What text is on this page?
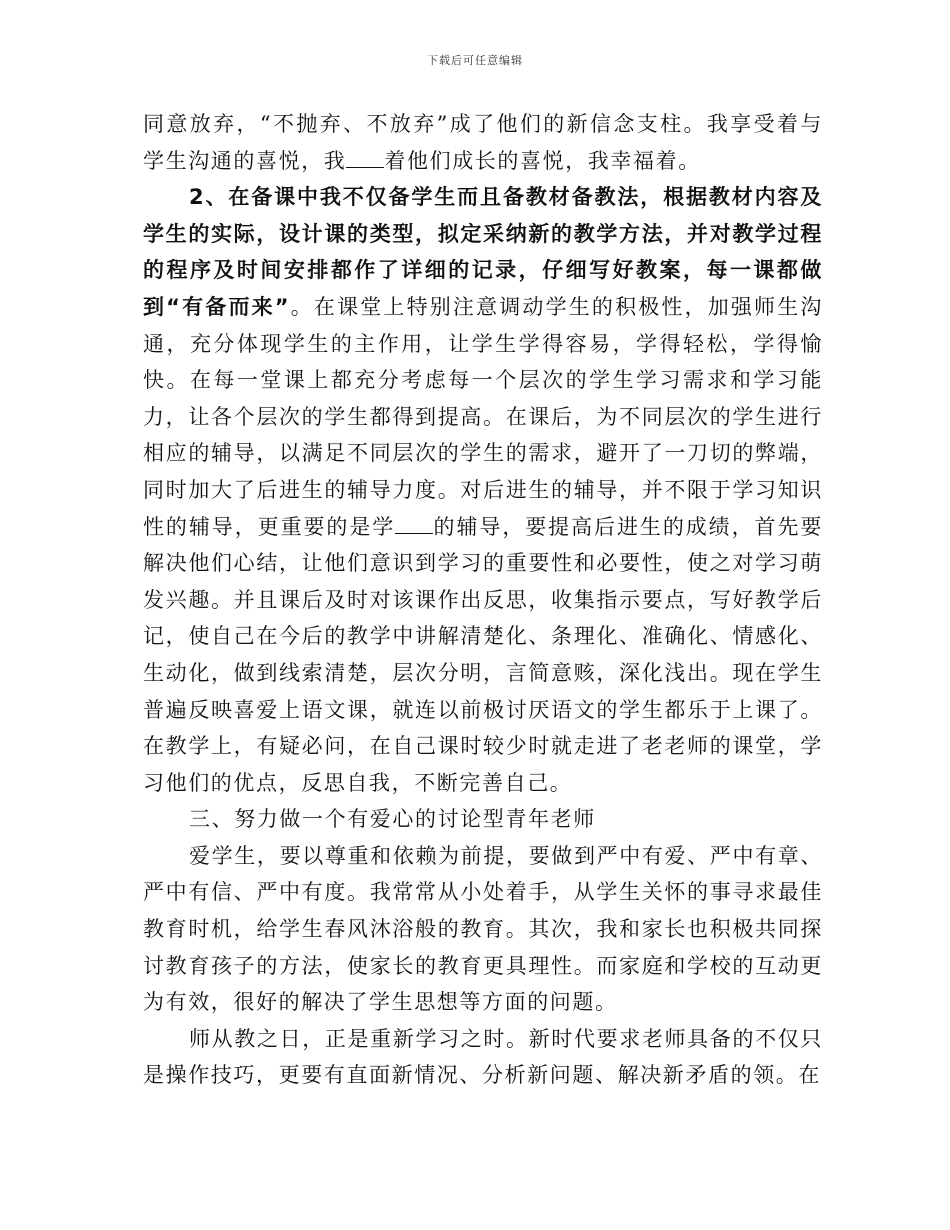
下载后可任意编辑

同意放弃，“不抛弃、不放弃”成了他们的新信念支柱。我享受着与学生沟通的喜悦，我 着他们成长的喜悦，我幸福着。

2、在备课中我不仅备学生而且备教材备教法，根据教材内容及学生的实际，设计课的类型，拟定采纳新的教学方法，并对教学过程的程序及时间安排都作了详细的记录，仔细写好教案，每一课都做到“有备而来”。在课堂上特别注意调动学生的积极性，加强师生沟通，充分体现学生的主作用，让学生学得容易，学得轻松，学得愉快。在每一堂课上都充分考虑每一个层次的学生学习需求和学习能力，让各个层次的学生都得到提高。在课后，为不同层次的学生进行相应的辅导，以满足不同层次的学生的需求，避开了一刀切的弊端，同时加大了后进生的辅导力度。对后进生的辅导，并不限于学习知识性的辅导，更重要的是学 的辅导，要提高后进生的成绩，首先要解决他们心结，让他们意识到学习的重要性和必要性，使之对学习萌发兴趣。并且课后及时对该课作出反思，收集指示要点，写好教学后记，使自己在今后的教学中讲解清楚化、条理化、准确化、情感化、生动化，做到线索清楚，层次分明，言简意赅，深化浅出。现在学生普遍反映喜爱上语文课，就连以前极讨厌语文的学生都乐于上课了。在教学上，有疑必问，在自己课时较少时就走进了老老师的课堂，学习他们的优点，反思自我，不断完善自己。

三、努力做一个有爱心的讨论型青年老师

爱学生，要以尊重和依赖为前提，要做到严中有爱、严中有章、严中有信、严中有度。我常常从小处着手，从学生关怀的事寻求最佳教育时机，给学生春风沐浴般的教育。其次，我和家长也积极共同探讨教育孩子的方法，使家长的教育更具理性。而家庭和学校的互动更为有效，很好的解决了学生思想等方面的问题。

师从教之日，正是重新学习之时。新时代要求老师具备的不仅只是操作技巧，更要有直面新情况、分析新问题、解决新矛盾的领。在
